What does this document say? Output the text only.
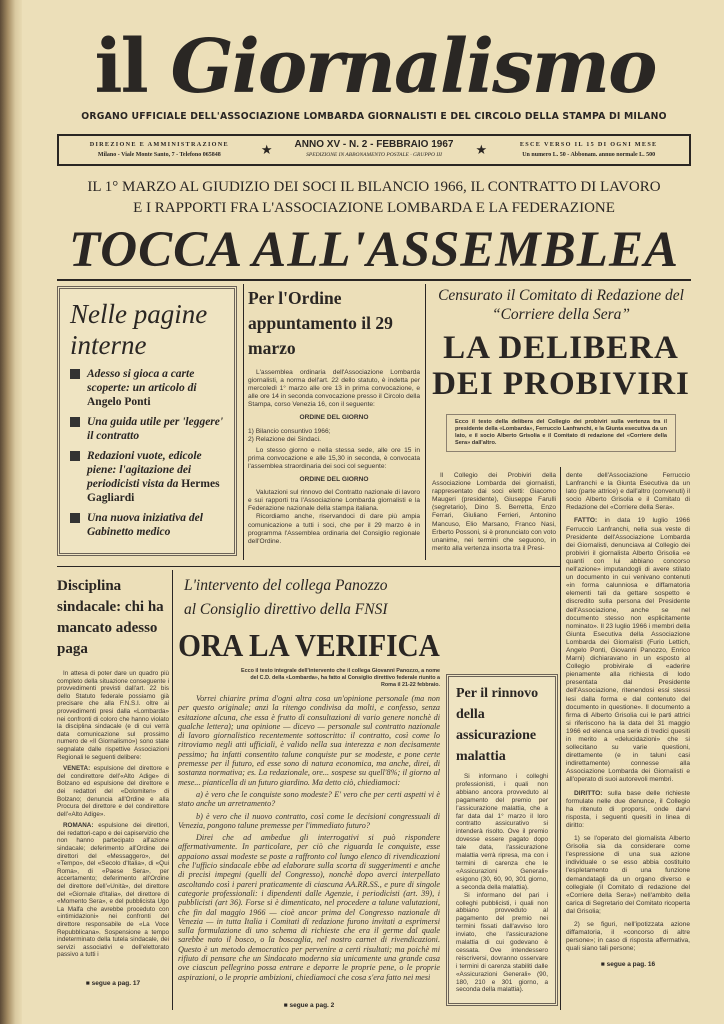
il Giornalismo
ORGANO UFFICIALE DELL'ASSOCIAZIONE LOMBARDA GIORNALISTI E DEL CIRCOLO DELLA STAMPA DI MILANO
DIREZIONE E AMMINISTRAZIONE
Milano - Viale Monte Santo, 7 - Telefono 065848	★	ANNO XV - N. 2 - FEBBRAIO 1967
SPEDIZIONE IN ABBONAMENTO POSTALE · GRUPPO III	★	ESCE VERSO IL 15 DI OGNI MESE
Un numero L. 50 - Abbonam. annuo normale L. 500
IL 1° MARZO AL GIUDIZIO DEI SOCI IL BILANCIO 1966, IL CONTRATTO DI LAVORO
E I RAPPORTI FRA L'ASSOCIAZIONE LOMBARDA E LA FEDERAZIONE
TOCCA ALL'ASSEMBLEA
Nelle pagine interne
Adesso si gioca a carte scoperte: un articolo di Angelo Ponti
Una guida utile per 'leggere' il contratto
Redazioni vuote, edicole piene: l'agitazione dei periodicisti vista da Hermes Gagliardi
Una nuova iniziativa del Gabinetto medico
Per l'Ordine appuntamento il 29 marzo
L'assemblea ordinaria dell'Associazione Lombarda giornalisti, a norma dell'art. 22 dello statuto, è indetta per mercoledì 1° marzo alle ore 13 in prima convocazione, e alle ore 14 in seconda convocazione presso il Circolo della Stampa, corso Venezia 16, con il seguente:
ORDINE DEL GIORNO
1) Bilancio consuntivo 1966;
2) Relazione dei Sindaci.
Lo stesso giorno e nella stessa sede, alle ore 15 in prima convocazione e alle 15,30 in seconda, è convocata l'assemblea straordinaria dei soci col seguente:
ORDINE DEL GIORNO
Valutazioni sul rinnovo del Contratto nazionale di lavoro e sui rapporti tra l'Associazione Lombarda giornalisti e la Federazione nazionale della stampa italiana.
Ricordiamo anche, riservandoci di dare più ampia comunicazione a tutti i soci, che per il 29 marzo è in programma l'Assemblea ordinaria del Consiglio regionale dell'Ordine.
Censurato il Comitato di Redazione del “Corriere della Sera”
LA DELIBERA
DEI PROBIVIRI
Ecco il testo della delibera del Collegio dei probiviri sulla vertenza tra il presidente della «Lombarda», Ferruccio Lanfranchi, e la Giunta esecutiva da un lato, e il socio Alberto Grisolia e il Comitato di redazione del «Corriere della Sera» dall'altro.
Il Collegio dei Probiviri della Associazione Lombarda dei giornalisti, rappresentato dai soci eletti: Giacomo Maugeri (presidente), Giuseppe Farulli (segretario), Dino S. Berretta, Enzo Ferrari, Giuliano Ferrieri, Antonino Mancuso, Elio Marsano, Franco Nasi, Erberto Possoni, si è pronunciato con voto unanime, nei termini che seguono, in merito alla vertenza insorta tra il Presi-
dente dell'Associazione Ferruccio Lanfranchi e la Giunta Esecutiva da un lato (parte attrice) e dall'altro (convenuti) il socio Alberto Grisolia e il Comitato di Redazione del «Corriere della Sera».
FATTO: in data 19 luglio 1966 Ferruccio Lanfranchi, nella sua veste di Presidente dell'Associazione Lombarda dei Giornalisti, denunciava al Collegio dei probiviri il giornalista Alberto Grisolia «e quanti con lui abbiano concorso nell'azione» imputandogli di avere stilato un documento in cui venivano contenuti «in forma calunniosa e diffamatoria elementi tali da gettare sospetto e discredito sulla persona del Presidente dell'Associazione, anche se nel documento stesso non esplicitamente nominato». Il 23 luglio 1966 i membri della Giunta Esecutiva della Associazione Lombarda dei Giornalisti (Furio Lettich, Angelo Ponti, Giovanni Panozzo, Enrico Marni) dichiaravano in un esposto al Collegio probivirale di «aderire pienamente alla richiesta di lodo presentata dal Presidente dell'Associazione, ritenendosi essi stessi lesi dalla forma e dal contenuto del documento in questione». Il documento a firma di Alberto Grisolia cui le parti attrici si riferiscono ha la data del 31 maggio 1966 ed elenca una serie di tredici quesiti in merito a «delucidazioni» che si sollecitano su varie questioni, direttamente (e in taluni casi indirettamente) connesse alla Associazione Lombarda dei Giornalisti e all'operato di suoi autorevoli membri.
DIRITTO: sulla base delle richieste formulate nelle due denunce, il Collegio ha ritenuto di proporsi, onde darvi risposta, i seguenti quesiti in linea di diritto:
1) se l'operato del giornalista Alberto Grisolia sia da considerare come l'espressione di una sua azione individuale o se esso abbia costituito l'espletamento di una funzione demandatagli da un organo diverso e collegiale (il Comitato di redazione del «Corriere della Sera») nell'ambito della carica di Segretario del Comitato ricoperta dal Grisolia;
2) se figuri, nell'ipotizzata azione diffamatoria, il «concorso di altre persone»; in caso di risposta affermativa, quali siano tali persone;
■ segue a pag. 16
Disciplina sindacale: chi ha mancato adesso paga
In attesa di poter dare un quadro più completo della situazione conseguente i provvedimenti previsti dall'art. 22 bis dello Statuto federale possiamo già precisare che alla F.N.S.I. oltre ai provvedimenti presi dalla «Lombarda» nei confronti di coloro che hanno violato la disciplina sindacale (e di cui verrà data comunicazione sul prossimo numero de «Il Giornalismo») sono state segnalate dalle rispettive Associazioni Regionali le seguenti delibere:
VENETA: espulsione del direttore e del condirettore dell'«Alto Adige» di Bolzano ed espulsione del direttore e dei redattori del «Dolomiten» di Bolzano; denuncia all'Ordine e alla Procura del direttore e del condirettore dell'«Alto Adige».
ROMANA: espulsione dei direttori, dei redattori-capo e dei capiservizio che non hanno partecipato all'azione sindacale; deferimento all'Ordine dei direttori del «Messaggero», del «Tempo», del «Secolo d'Italia», di «Qui Roma», di «Paese Sera», per accertamento; deferimento all'Ordine del direttore dell'«Unità», del direttore del «Giornale d'Italia», del direttore di «Momento Sera», e del pubblicista Ugo La Malfa che avrebbe proceduto con «intimidazioni» nei confronti del direttore responsabile de «La Voce Repubblicana». Sospensione a tempo indeterminato della tutela sindacale, dei servizi associativi e dell'elettorato passivo a tutti i
■ segue a pag. 17
L'intervento del collega Panozzo
al Consiglio direttivo della FNSI
ORA LA VERIFICA
Ecco il testo integrale dell'intervento che il collega Giovanni Panozzo, a nome del C.D. della «Lombarda», ha fatto al Consiglio direttivo federale riunito a Roma il 21-22 febbraio.
Vorrei chiarire prima d'ogni altra cosa un'opinione personale (ma non per questo originale; anzi la ritengo condivisa da molti, e confesso, senza esitazione alcuna, che essa è frutto di consultazioni di vario genere nonchè di qualche lettera); una opinione — dicevo — personale sul contratto nazionale di lavoro giornalistico recentemente sottoscritto: il contratto, così come lo ritroviamo negli atti ufficiali, è valido nella sua interezza e non decisamente pessimo; ha infatti consentito talune conquiste pur se modeste, e pone certe premesse per il futuro, ed esse sono di natura economica, ma anche, direi, di sostanza normativa; es. La redazionale, ore... sospese su quell'8%; il giorno al mese... pianticella di un futuro giardino. Ma detto ciò, chiediamoci:
a) è vero che le conquiste sono modeste? E' vero che per certi aspetti vi è stato anche un arretramento?
b) è vero che il nuovo contratto, così come le decisioni congressuali di Venezia, pongono talune premesse per l'immediato futuro?
Direi che ad ambedue gli interrogativi si può rispondere affermativamente. In particolare, per ciò che riguarda le conquiste, esse appaiono assai modeste se poste a raffronto col lungo elenco di rivendicazioni che l'ufficio sindacale ebbe ad elaborare sulla scorta di suggerimenti e anche di precisi impegni (quelli del Congresso), nonchè dopo averci interpellato ascoltando così i pareri praticamente di ciascuna AA.RR.SS., e pure di singole categorie professionali: i dipendenti dalle Agenzie, i periodicisti (art. 39), i pubblicisti (art 36). Forse si è dimenticato, nel procedere a talune valutazioni, che fin dal maggio 1966 — cioè ancor prima del Congresso nazionale di Venezia — in tutta Italia i Comitati di redazione furono invitati a esprimersi sulla formulazione di uno schema di richieste che era il germe dal quale sarebbe nato il bosco, o la boscaglia, nel nostro carnet di rivendicazioni. Questo è un metodo democratico per pervenire a certi risultati; ma poichè mi rifiuto di pensare che un Sindacato moderno sia unicamente una grande casa ove ciascun pellegrino possa entrare e deporre le proprie pene, o le proprie aspirazioni, o le proprie ambizioni, chiediamoci che cosa s'era fatto nei mesi
■ segue a pag. 2
Per il rinnovo della assicurazione malattia
Si informano i colleghi professionisti, i quali non abbiano ancora provveduto al pagamento del premio per l'assicurazione malattia, che a far data dal 1° marzo il loro contratto assicurativo si intenderà risolto. Ove il premio dovesse essere pagato dopo tale data, l'assicurazione malattia verrà ripresa, ma con i termini di carenza che le «Assicurazioni Generali» esigono (30, 60, 90, 301 giorno, a seconda della malattia).
Si informano del pari i colleghi pubblicisti, i quali non abbiano provveduto al pagamento del premio nei termini fissati dall'avviso loro inviato, che l'assicurazione malattia di cui godevano è cessata. Ove intendessero reiscriversi, dovranno osservare i termini di carenza stabiliti dalle «Assicurazioni Generali» (90, 180, 210 e 301 giorno, a seconda della malattia).
